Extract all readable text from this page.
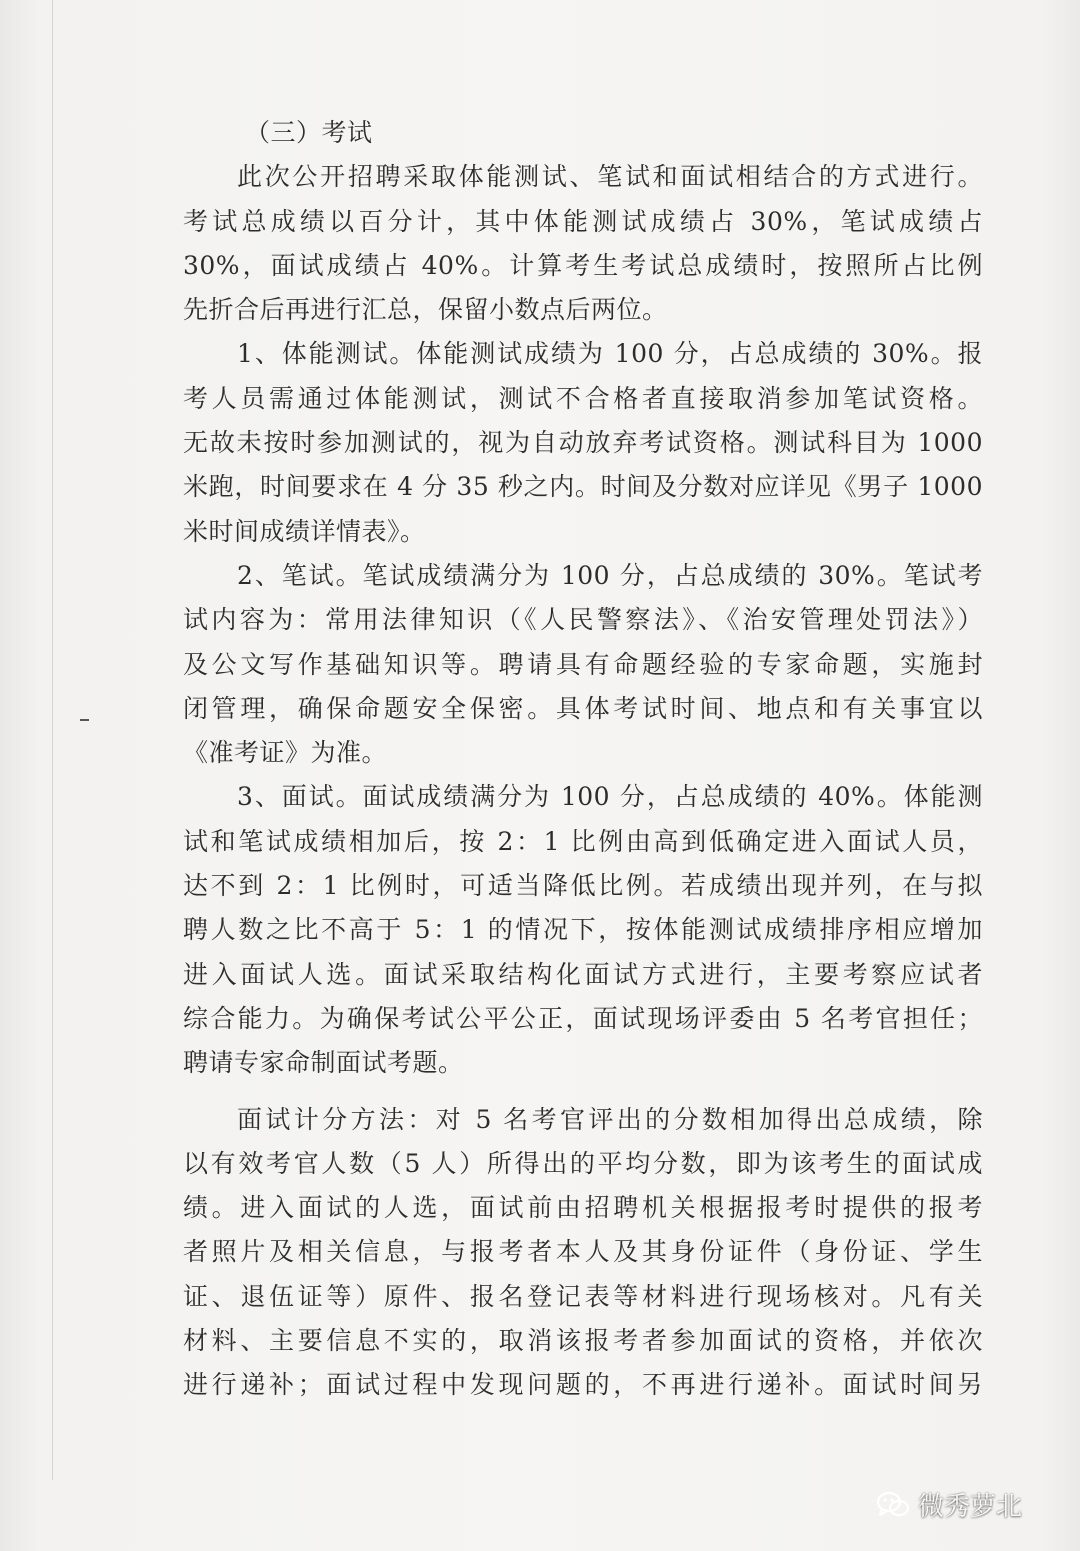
（三）考试
此次公开招聘采取体能测试、笔试和面试相结合的方式进行。
考试总成绩以百分计，其中体能测试成绩占 30%，笔试成绩占
30%，面试成绩占 40%。计算考生考试总成绩时，按照所占比例
先折合后再进行汇总，保留小数点后两位。
1、体能测试。体能测试成绩为 100 分，占总成绩的 30%。报
考人员需通过体能测试，测试不合格者直接取消参加笔试资格。
无故未按时参加测试的，视为自动放弃考试资格。测试科目为 1000
米跑，时间要求在 4 分 35 秒之内。时间及分数对应详见《男子 1000
米时间成绩详情表》。
2、笔试。笔试成绩满分为 100 分，占总成绩的 30%。笔试考
试内容为：常用法律知识（《人民警察法》、《治安管理处罚法》）
及公文写作基础知识等。聘请具有命题经验的专家命题，实施封
闭管理，确保命题安全保密。具体考试时间、地点和有关事宜以
《准考证》为准。
3、面试。面试成绩满分为 100 分，占总成绩的 40%。体能测
试和笔试成绩相加后，按 2：1 比例由高到低确定进入面试人员，
达不到 2：1 比例时，可适当降低比例。若成绩出现并列，在与拟
聘人数之比不高于 5：1 的情况下，按体能测试成绩排序相应增加
进入面试人选。面试采取结构化面试方式进行，主要考察应试者
综合能力。为确保考试公平公正，面试现场评委由 5 名考官担任；
聘请专家命制面试考题。
面试计分方法：对 5 名考官评出的分数相加得出总成绩，除
以有效考官人数（5 人）所得出的平均分数，即为该考生的面试成
绩。进入面试的人选，面试前由招聘机关根据报考时提供的报考
者照片及相关信息，与报考者本人及其身份证件（身份证、学生
证、退伍证等）原件、报名登记表等材料进行现场核对。凡有关
材料、主要信息不实的，取消该报考者参加面试的资格，并依次
进行递补；面试过程中发现问题的，不再进行递补。面试时间另
微秀萝北
